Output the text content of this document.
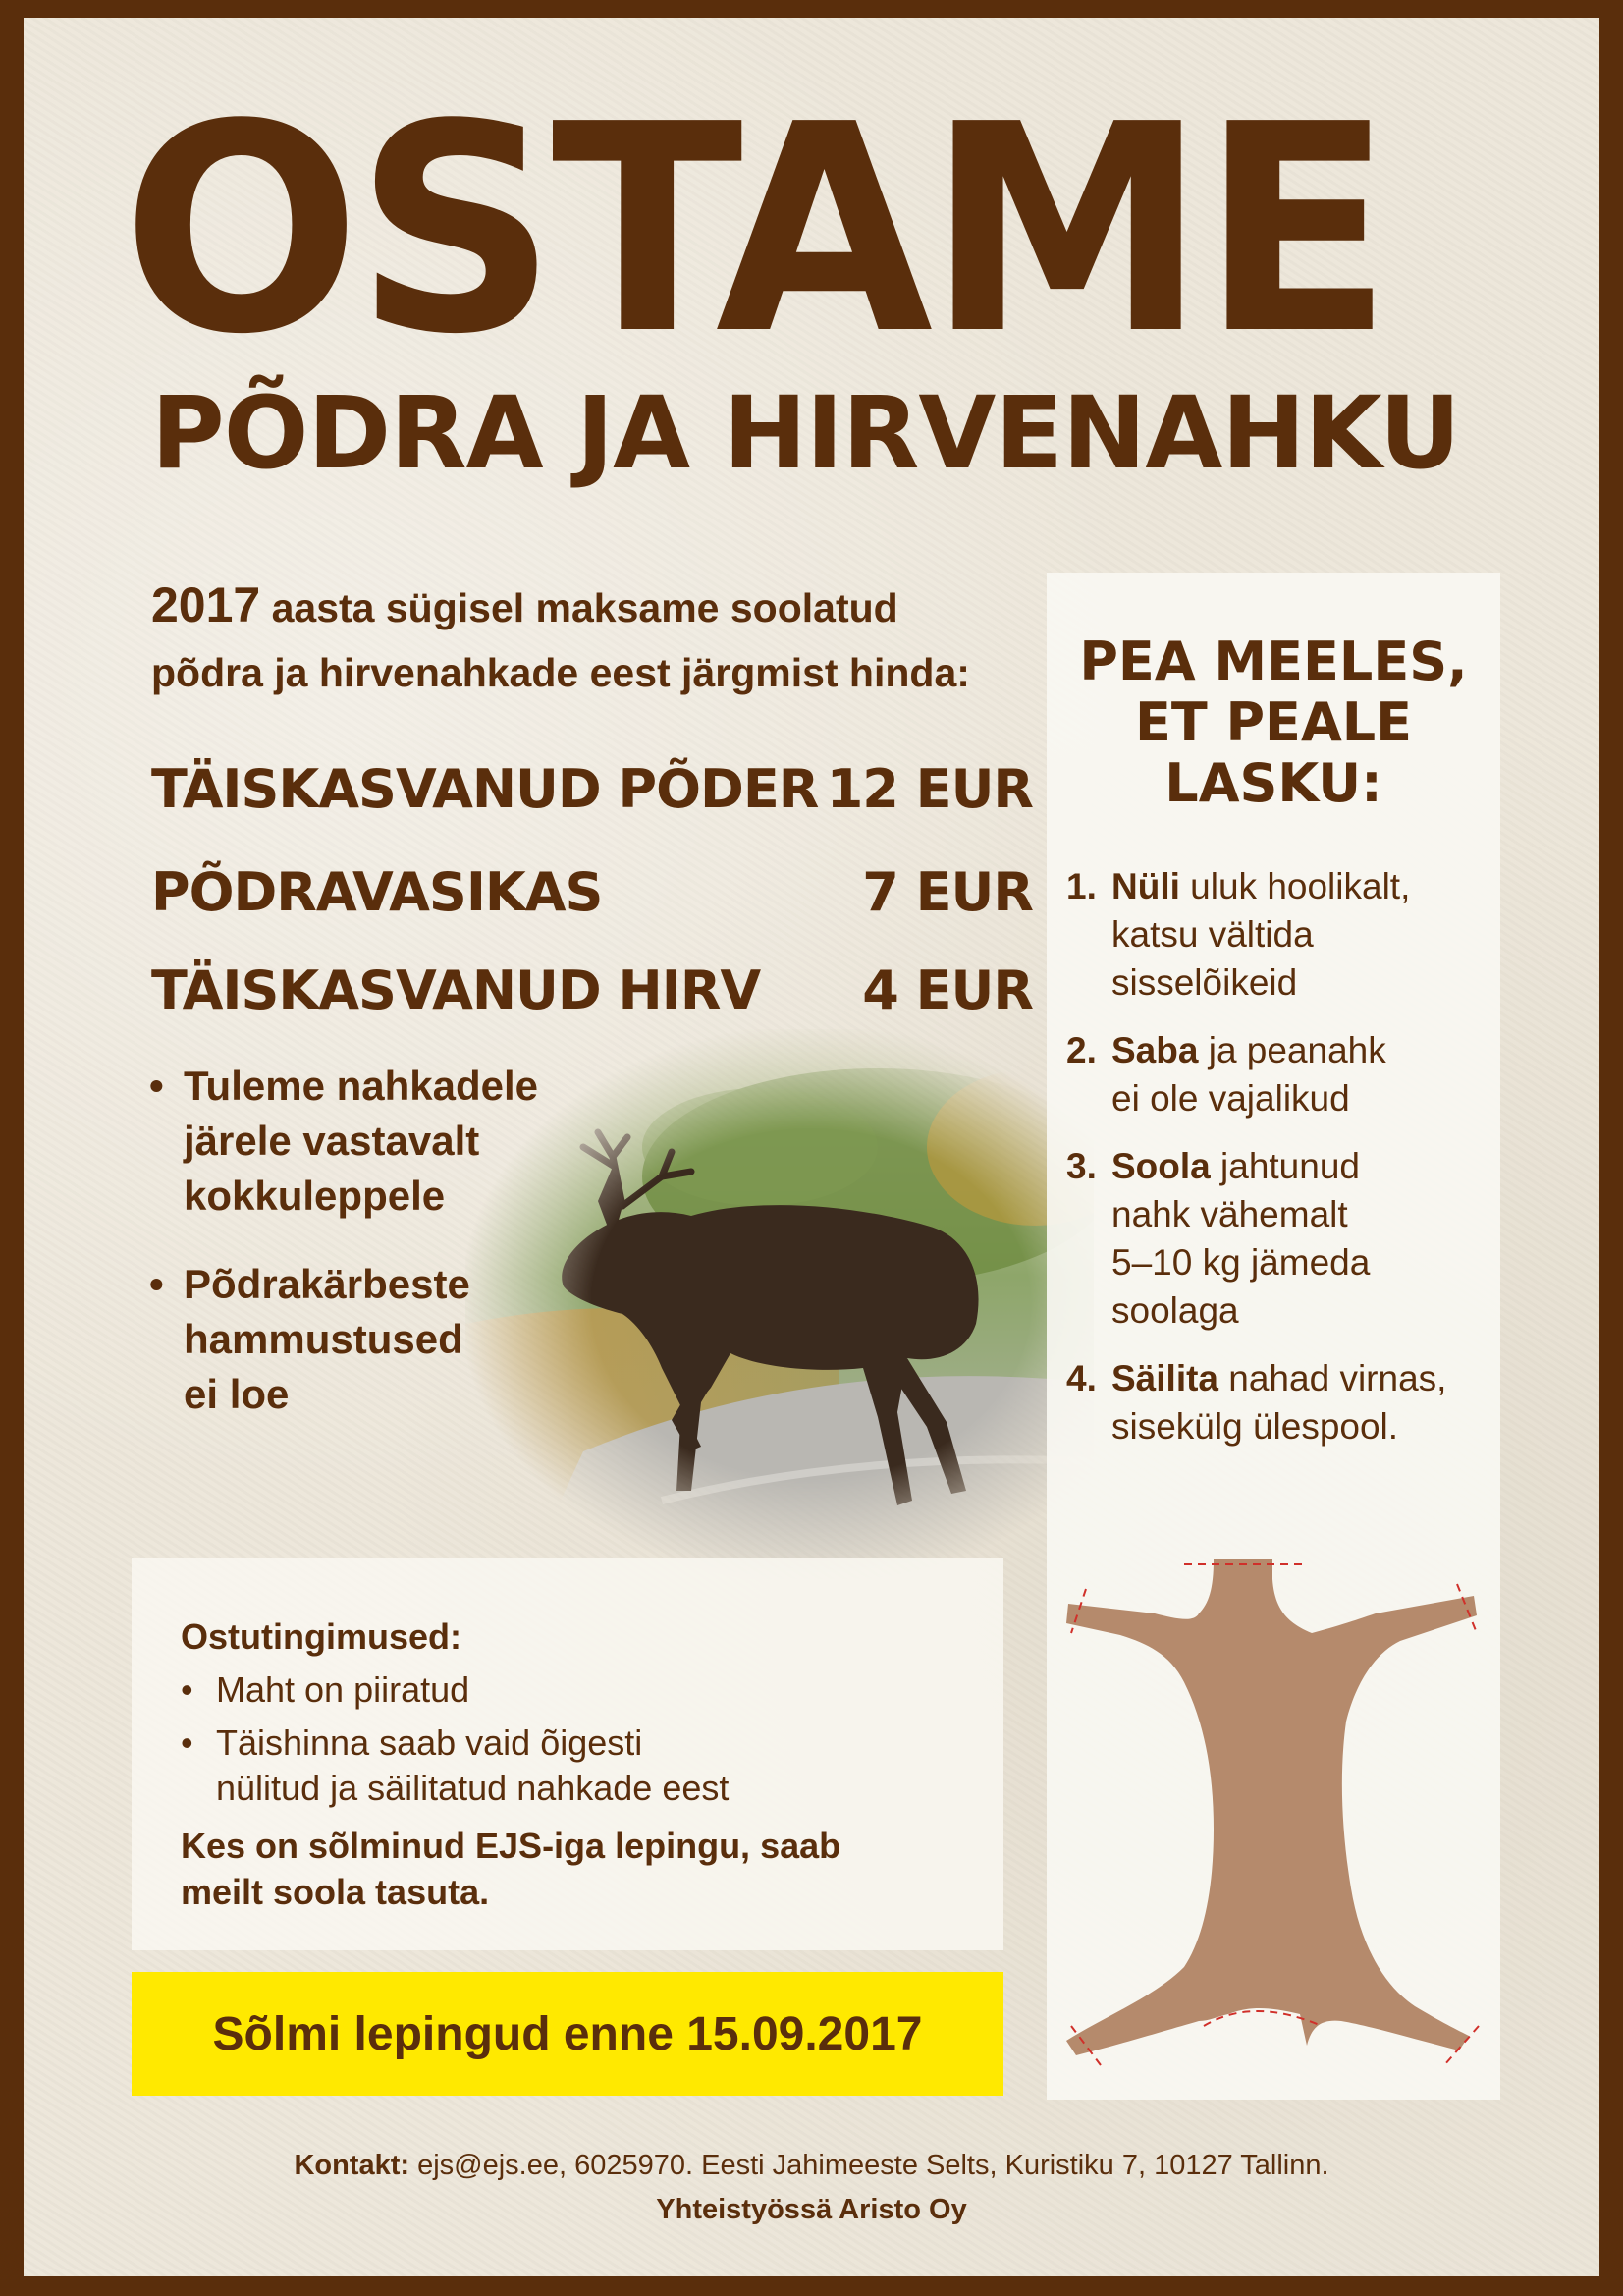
OSTAME
PÕDRA JA HIRVENAHKU
2017 aasta sügisel maksame soolatud
põdra ja hirvenahkade eest järgmist hinda:
TÄISKASVANUD PÕDER 12 EUR
PÕDRAVASIKAS	7 EUR
TÄISKASVANUD HIRV 4 EUR
• Tuleme nahkadele
järele vastavalt
kokkuleppele
• Põdrakärbeste
hammustused
ei loe
Ostutingimused:
• Maht on piiratud
• Täishinna saab vaid õigesti
nülitud ja säilitatud nahkade eest
Kes on sõlminud EJS-iga lepingu, saab
meilt soola tasuta.
Sõlmi lepingud enne 15.09.2017
PEA MEELES,
ET PEALE
LASKU:
1. Nüli uluk hoolikalt,
katsu vältida
sisselõikeid
2. Saba ja peanahk
ei ole vajalikud
3. Soola jahtunud
nahk vähemalt
5–10 kg jämeda
soolaga
4. Säilita nahad virnas,
sisekülg ülespool.
Kontakt: ejs@ejs.ee, 6025970. Eesti Jahimeeste Selts, Kuristiku 7, 10127 Tallinn.
Yhteistyössä Aristo Oy
